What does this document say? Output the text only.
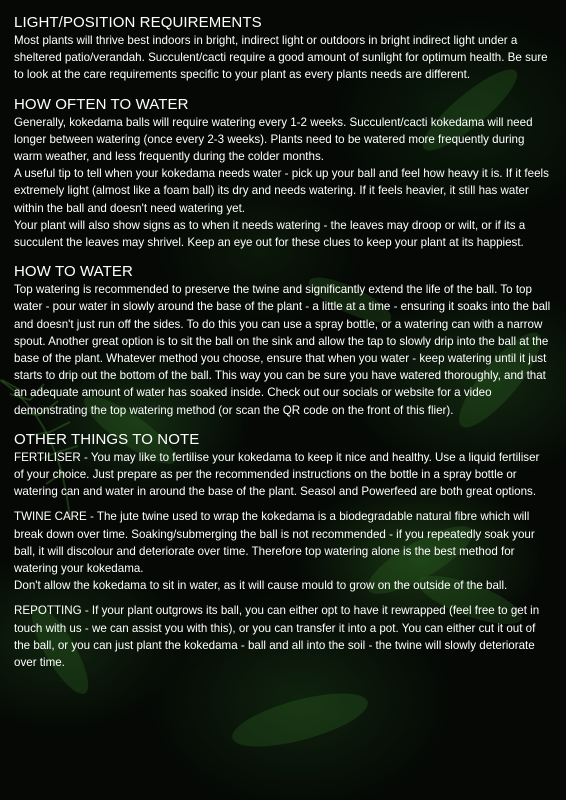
LIGHT/POSITION REQUIREMENTS

Most plants will thrive best indoors in bright, indirect light or outdoors in bright indirect light under a sheltered patio/verandah. Succulent/cacti require a good amount of sunlight for optimum health. Be sure to look at the care requirements specific to your plant as every plants needs are different.

HOW OFTEN TO WATER

Generally, kokedama balls will require watering every 1-2 weeks. Succulent/cacti kokedama will need longer between watering (once every 2-3 weeks). Plants need to be watered more frequently during warm weather, and less frequently during the colder months.

A useful tip to tell when your kokedama needs water - pick up your ball and feel how heavy it is. If it feels extremely light (almost like a foam ball) its dry and needs watering. If it feels heavier, it still has water within the ball and doesn't need watering yet.

Your plant will also show signs as to when it needs watering - the leaves may droop or wilt, or if its a succulent the leaves may shrivel. Keep an eye out for these clues to keep your plant at its happiest.

HOW TO WATER

Top watering is recommended to preserve the twine and significantly extend the life of the ball. To top water - pour water in slowly around the base of the plant - a little at a time - ensuring it soaks into the ball and doesn't just run off the sides. To do this you can use a spray bottle, or a watering can with a narrow spout. Another great option is to sit the ball on the sink and allow the tap to slowly drip into the ball at the base of the plant. Whatever method you choose, ensure that when you water - keep watering until it just starts to drip out the bottom of the ball. This way you can be sure you have watered thoroughly, and that an adequate amount of water has soaked inside. Check out our socials or website for a video demonstrating the top watering method (or scan the QR code on the front of this flier).

OTHER THINGS TO NOTE

FERTILISER - You may like to fertilise your kokedama to keep it nice and healthy. Use a liquid fertiliser of your choice. Just prepare as per the recommended instructions on the bottle in a spray bottle or watering can and water in around the base of the plant. Seasol and Powerfeed are both great options.

TWINE CARE - The jute twine used to wrap the kokedama is a biodegradable natural fibre which will break down over time. Soaking/submerging the ball is not recommended - if you repeatedly soak your ball, it will discolour and deteriorate over time. Therefore top watering alone is the best method for watering your kokedama.

Don't allow the kokedama to sit in water, as it will cause mould to grow on the outside of the ball.

REPOTTING - If your plant outgrows its ball, you can either opt to have it rewrapped (feel free to get in touch with us - we can assist you with this), or you can transfer it into a pot. You can either cut it out of the ball, or you can just plant the kokedama - ball and all into the soil - the twine will slowly deteriorate over time.
